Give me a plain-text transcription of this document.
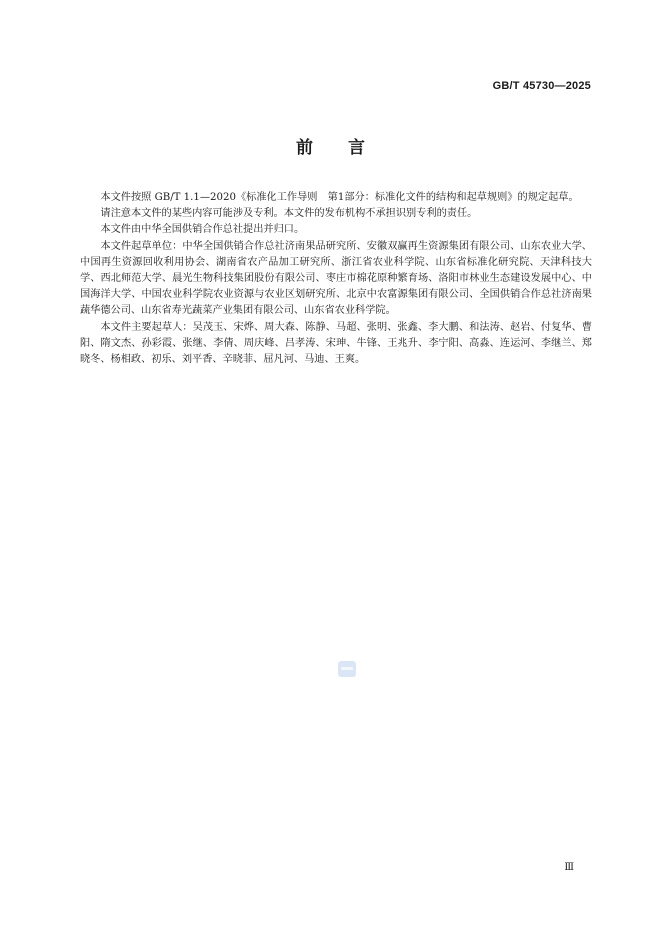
GB/T 45730—2025
前 言

本文件按照 GB/T 1.1—2020《标准化工作导则　第1部分：标准化文件的结构和起草规则》的规定起草。

请注意本文件的某些内容可能涉及专利。本文件的发布机构不承担识别专利的责任。

本文件由中华全国供销合作总社提出并归口。

本文件起草单位：中华全国供销合作总社济南果品研究所、安徽双赢再生资源集团有限公司、山东农业大学、中国再生资源回收利用协会、湖南省农产品加工研究所、浙江省农业科学院、山东省标准化研究院、天津科技大学、西北师范大学、晨光生物科技集团股份有限公司、枣庄市棉花原种繁育场、洛阳市林业生态建设发展中心、中国海洋大学、中国农业科学院农业资源与农业区划研究所、北京中农富源集团有限公司、全国供销合作总社济南果蔬华德公司、山东省寿光蔬菜产业集团有限公司、山东省农业科学院。

本文件主要起草人：吴茂玉、宋烨、周大森、陈静、马超、张明、张鑫、李大鹏、和法涛、赵岩、付复华、曹阳、隋文杰、孙彩霞、张继、李倩、周庆峰、吕孝涛、宋珅、牛锋、王兆升、李宁阳、高淼、连运河、李继兰、郑晓冬、杨相政、初乐、刘平香、辛晓菲、屈凡河、马迪、王爽。

Ⅲ
